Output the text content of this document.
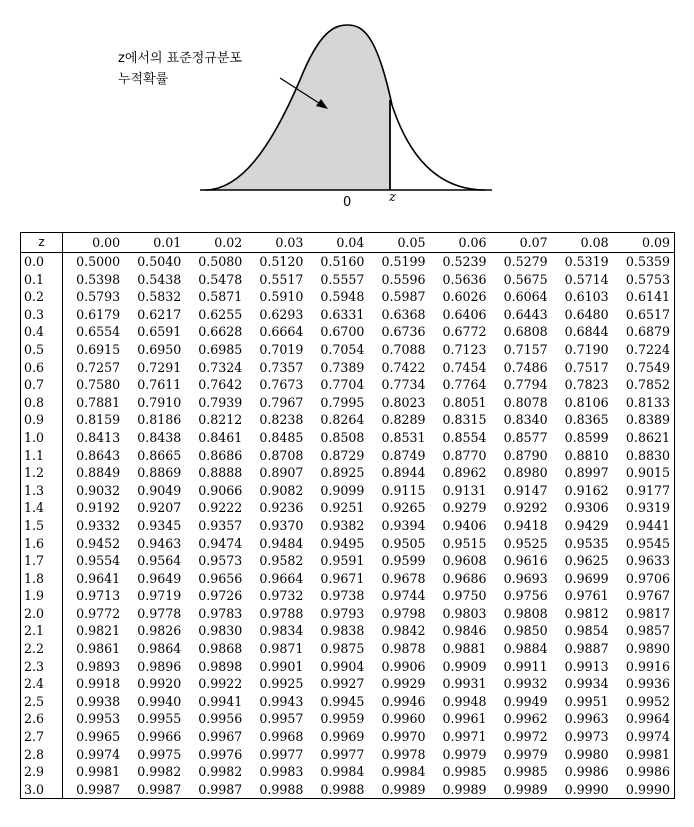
z에서의 표준정규분포
누적확률
0	z
z	0.00	0.01	0.02	0.03	0.04	0.05	0.06	0.07	0.08	0.09
0.0	0.5000	0.5040	0.5080	0.5120	0.5160	0.5199	0.5239	0.5279	0.5319	0.5359
0.1	0.5398	0.5438	0.5478	0.5517	0.5557	0.5596	0.5636	0.5675	0.5714	0.5753
0.2	0.5793	0.5832	0.5871	0.5910	0.5948	0.5987	0.6026	0.6064	0.6103	0.6141
0.3	0.6179	0.6217	0.6255	0.6293	0.6331	0.6368	0.6406	0.6443	0.6480	0.6517
0.4	0.6554	0.6591	0.6628	0.6664	0.6700	0.6736	0.6772	0.6808	0.6844	0.6879
0.5	0.6915	0.6950	0.6985	0.7019	0.7054	0.7088	0.7123	0.7157	0.7190	0.7224
0.6	0.7257	0.7291	0.7324	0.7357	0.7389	0.7422	0.7454	0.7486	0.7517	0.7549
0.7	0.7580	0.7611	0.7642	0.7673	0.7704	0.7734	0.7764	0.7794	0.7823	0.7852
0.8	0.7881	0.7910	0.7939	0.7967	0.7995	0.8023	0.8051	0.8078	0.8106	0.8133
0.9	0.8159	0.8186	0.8212	0.8238	0.8264	0.8289	0.8315	0.8340	0.8365	0.8389
1.0	0.8413	0.8438	0.8461	0.8485	0.8508	0.8531	0.8554	0.8577	0.8599	0.8621
1.1	0.8643	0.8665	0.8686	0.8708	0.8729	0.8749	0.8770	0.8790	0.8810	0.8830
1.2	0.8849	0.8869	0.8888	0.8907	0.8925	0.8944	0.8962	0.8980	0.8997	0.9015
1.3	0.9032	0.9049	0.9066	0.9082	0.9099	0.9115	0.9131	0.9147	0.9162	0.9177
1.4	0.9192	0.9207	0.9222	0.9236	0.9251	0.9265	0.9279	0.9292	0.9306	0.9319
1.5	0.9332	0.9345	0.9357	0.9370	0.9382	0.9394	0.9406	0.9418	0.9429	0.9441
1.6	0.9452	0.9463	0.9474	0.9484	0.9495	0.9505	0.9515	0.9525	0.9535	0.9545
1.7	0.9554	0.9564	0.9573	0.9582	0.9591	0.9599	0.9608	0.9616	0.9625	0.9633
1.8	0.9641	0.9649	0.9656	0.9664	0.9671	0.9678	0.9686	0.9693	0.9699	0.9706
1.9	0.9713	0.9719	0.9726	0.9732	0.9738	0.9744	0.9750	0.9756	0.9761	0.9767
2.0	0.9772	0.9778	0.9783	0.9788	0.9793	0.9798	0.9803	0.9808	0.9812	0.9817
2.1	0.9821	0.9826	0.9830	0.9834	0.9838	0.9842	0.9846	0.9850	0.9854	0.9857
2.2	0.9861	0.9864	0.9868	0.9871	0.9875	0.9878	0.9881	0.9884	0.9887	0.9890
2.3	0.9893	0.9896	0.9898	0.9901	0.9904	0.9906	0.9909	0.9911	0.9913	0.9916
2.4	0.9918	0.9920	0.9922	0.9925	0.9927	0.9929	0.9931	0.9932	0.9934	0.9936
2.5	0.9938	0.9940	0.9941	0.9943	0.9945	0.9946	0.9948	0.9949	0.9951	0.9952
2.6	0.9953	0.9955	0.9956	0.9957	0.9959	0.9960	0.9961	0.9962	0.9963	0.9964
2.7	0.9965	0.9966	0.9967	0.9968	0.9969	0.9970	0.9971	0.9972	0.9973	0.9974
2.8	0.9974	0.9975	0.9976	0.9977	0.9977	0.9978	0.9979	0.9979	0.9980	0.9981
2.9	0.9981	0.9982	0.9982	0.9983	0.9984	0.9984	0.9985	0.9985	0.9986	0.9986
3.0	0.9987	0.9987	0.9987	0.9988	0.9988	0.9989	0.9989	0.9989	0.9990	0.9990
